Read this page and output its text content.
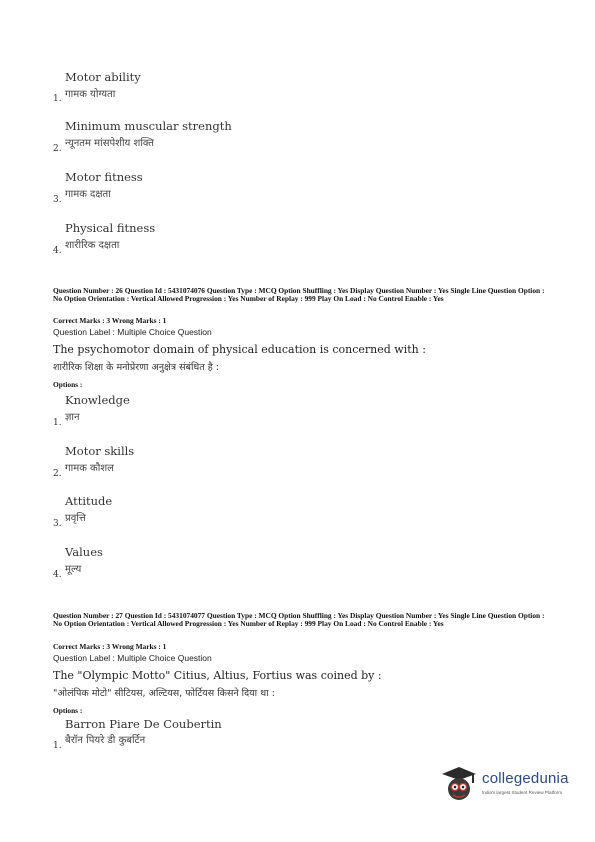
Motor ability
गामक योग्यता
1.
Minimum muscular strength
न्यूनतम मांसपेशीय शक्ति
2.
Motor fitness
गामक दक्षता
3.
Physical fitness
शारीरिक दक्षता
4.
Question Number : 26 Question Id : 5431074076 Question Type : MCQ Option Shuffling : Yes Display Question Number : Yes Single Line Question Option : No Option Orientation : Vertical Allowed Progression : Yes Number of Replay : 999 Play On Load : No Control Enable : Yes
Correct Marks : 3 Wrong Marks : 1
Question Label : Multiple Choice Question
The psychomotor domain of physical education is concerned with :
शारीरिक शिक्षा के मनोप्रेरणा अनुक्षेत्र संबंधित है :
Options :
Knowledge
ज्ञान
1.
Motor skills
गामक कौशल
2.
Attitude
प्रवृत्ति
3.
Values
मूल्य
4.
Question Number : 27 Question Id : 5431074077 Question Type : MCQ Option Shuffling : Yes Display Question Number : Yes Single Line Question Option : No Option Orientation : Vertical Allowed Progression : Yes Number of Replay : 999 Play On Load : No Control Enable : Yes
Correct Marks : 3 Wrong Marks : 1
Question Label : Multiple Choice Question
The "Olympic Motto" Citius, Altius, Fortius was coined by :
"ओलंपिक मोटो" सीटियस, अल्टियस, फोर्टियस किसने दिया था :
Options :
Barron Piare De Coubertin
बैरॉन पियरे डी कुबर्टिन
1.
collegedunia
India's largest Student Review Platform
